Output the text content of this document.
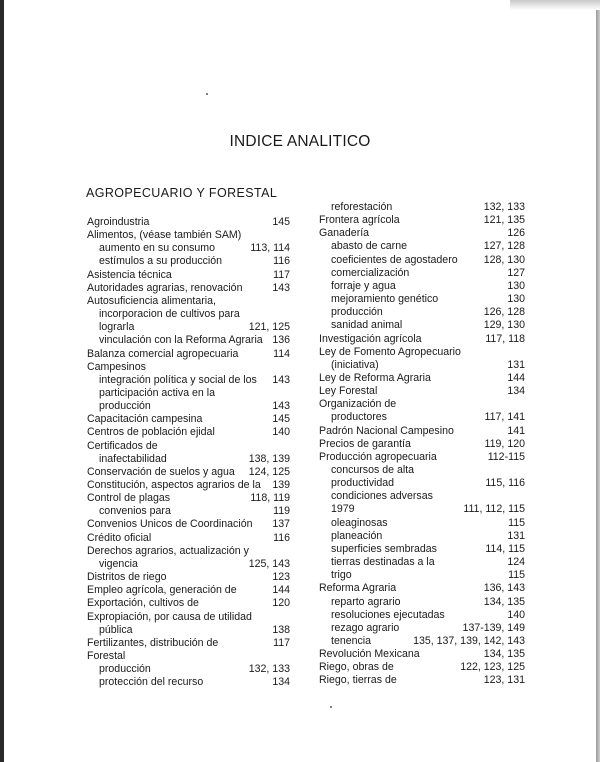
INDICE ANALITICO
AGROPECUARIO Y FORESTAL
Agroindustria	145
Alimentos, (véase también SAM)
aumento en su consumo	113, 114
estímulos a su producción	116
Asistencia técnica	117
Autoridades agrarias, renovación	143
Autosuficiencia alimentaria,
incorporacion de cultivos para
lograrla	121, 125
vinculación con la Reforma Agraria 136
Balanza comercial agropecuaria	114
Campesinos
integración política y social de los 143
participación activa en la
producción	143
Capacitación campesina	145
Centros de población ejidal	140
Certificados de
inafectabilidad	138, 139
Conservación de suelos y agua 124, 125
Constitución, aspectos agrarios de la 139
Control de plagas	118, 119
convenios para	119
Convenios Unicos de Coordinación 137
Crédito oficial	116
Derechos agrarios, actualización y
vigencia	125, 143
Distritos de riego	123
Empleo agrícola, generación de	144
Exportación, cultivos de	120
Expropiación, por causa de utilidad
pública	138
Fertilizantes, distribución de	117
Forestal
producción	132, 133
protección del recurso	134
reforestación	132, 133
Frontera agrícola	121, 135
Ganadería	126
abasto de carne	127, 128
coeficientes de agostadero 128, 130
comercialización	127
forraje y agua	130
mejoramiento genético	130
producción	126, 128
sanidad animal	129, 130
Investigación agrícola	117, 118
Ley de Fomento Agropecuario
(iniciativa)	131
Ley de Reforma Agraria	144
Ley Forestal	134
Organización de
productores	117, 141
Padrón Nacional Campesino	141
Precios de garantía	119, 120
Producción agropecuaria	112-115
concursos de alta
productividad	115, 116
condiciones adversas
1979	111, 112, 115
oleaginosas	115
planeación	131
superficies sembradas	114, 115
tierras destinadas a la	124
trigo	115
Reforma Agraria	136, 143
reparto agrario	134, 135
resoluciones ejecutadas	140
rezago agrario	137-139, 149
tenencia	135, 137, 139, 142, 143
Revolución Mexicana	134, 135
Riego, obras de	122, 123, 125
Riego, tierras de	123, 131
